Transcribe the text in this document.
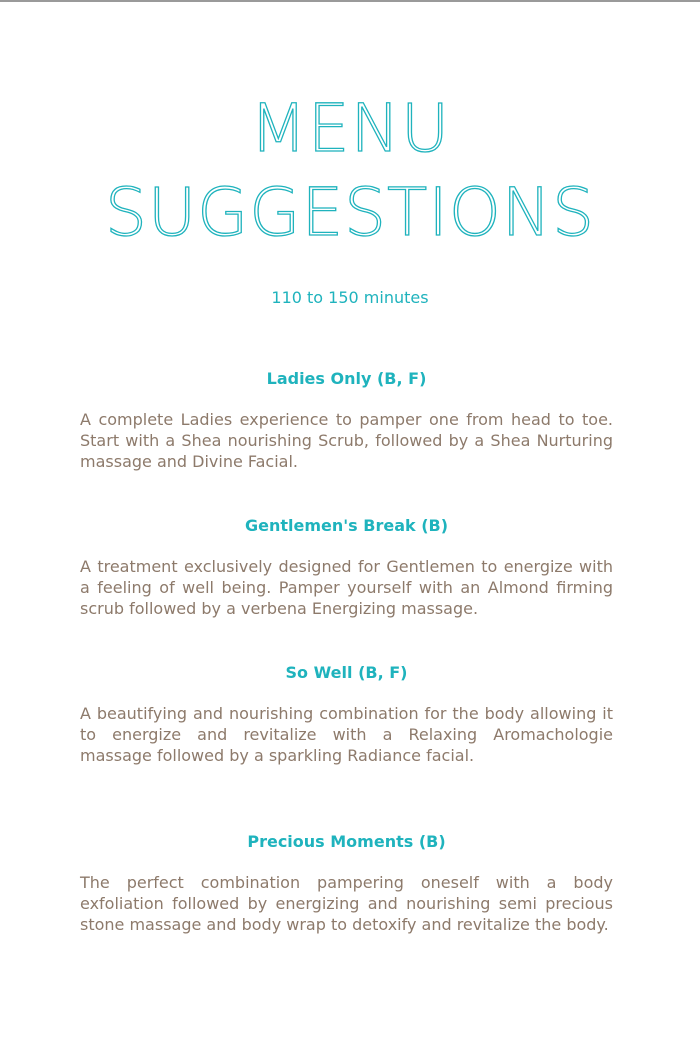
MENU
SUGGESTIONS
110 to 150 minutes
Ladies Only (B, F)

A complete Ladies experience to pamper one from head to toe. Start with a Shea nourishing Scrub, followed by a Shea Nurturing massage and Divine Facial.

Gentlemen's Break (B)

A treatment exclusively designed for Gentlemen to energize with a feeling of well being. Pamper yourself with an Almond firming scrub followed by a verbena Energizing massage.

So Well (B, F)

A beautifying and nourishing combination for the body allowing it to energize and revitalize with a Relaxing Aromachologie massage followed by a sparkling Radiance facial.

Precious Moments (B)

The perfect combination pampering oneself with a body exfoliation followed by energizing and nourishing semi precious stone massage and body wrap to detoxify and revitalize the body.
